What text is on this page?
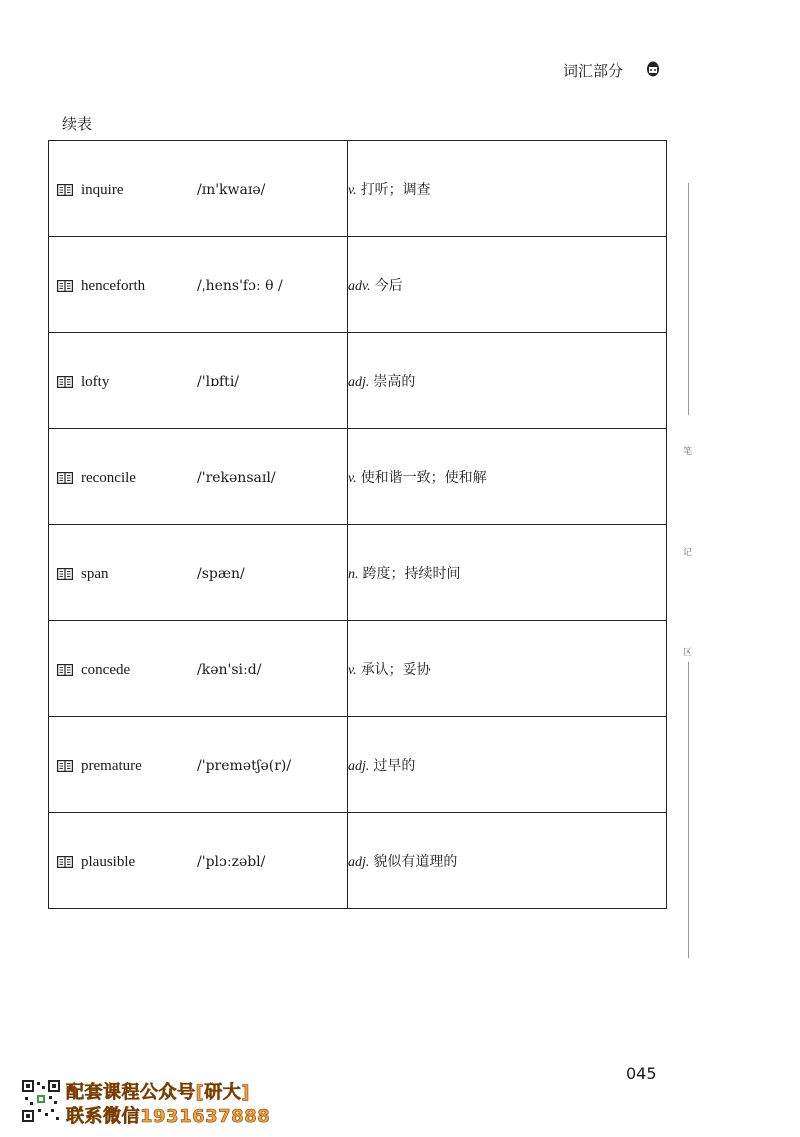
词汇部分
续表
inquire /ɪn'kwaɪə/	v. 打听；调查

henceforth /ˌhens'fɔː θ /	adv. 今后

lofty /'lɒfti/	adj. 崇高的

reconcile /'rekənsaɪl/	v. 使和谐一致；使和解

span /spæn/	n. 跨度；持续时间

concede /kən'siːd/	v. 承认；妥协

premature /'premətʃə(r)/	adj. 过早的

plausible /'plɔːzəbl/	adj. 貌似有道理的
笔
记
区
045
配套课程公众号[研大]
联系微信1931637888
